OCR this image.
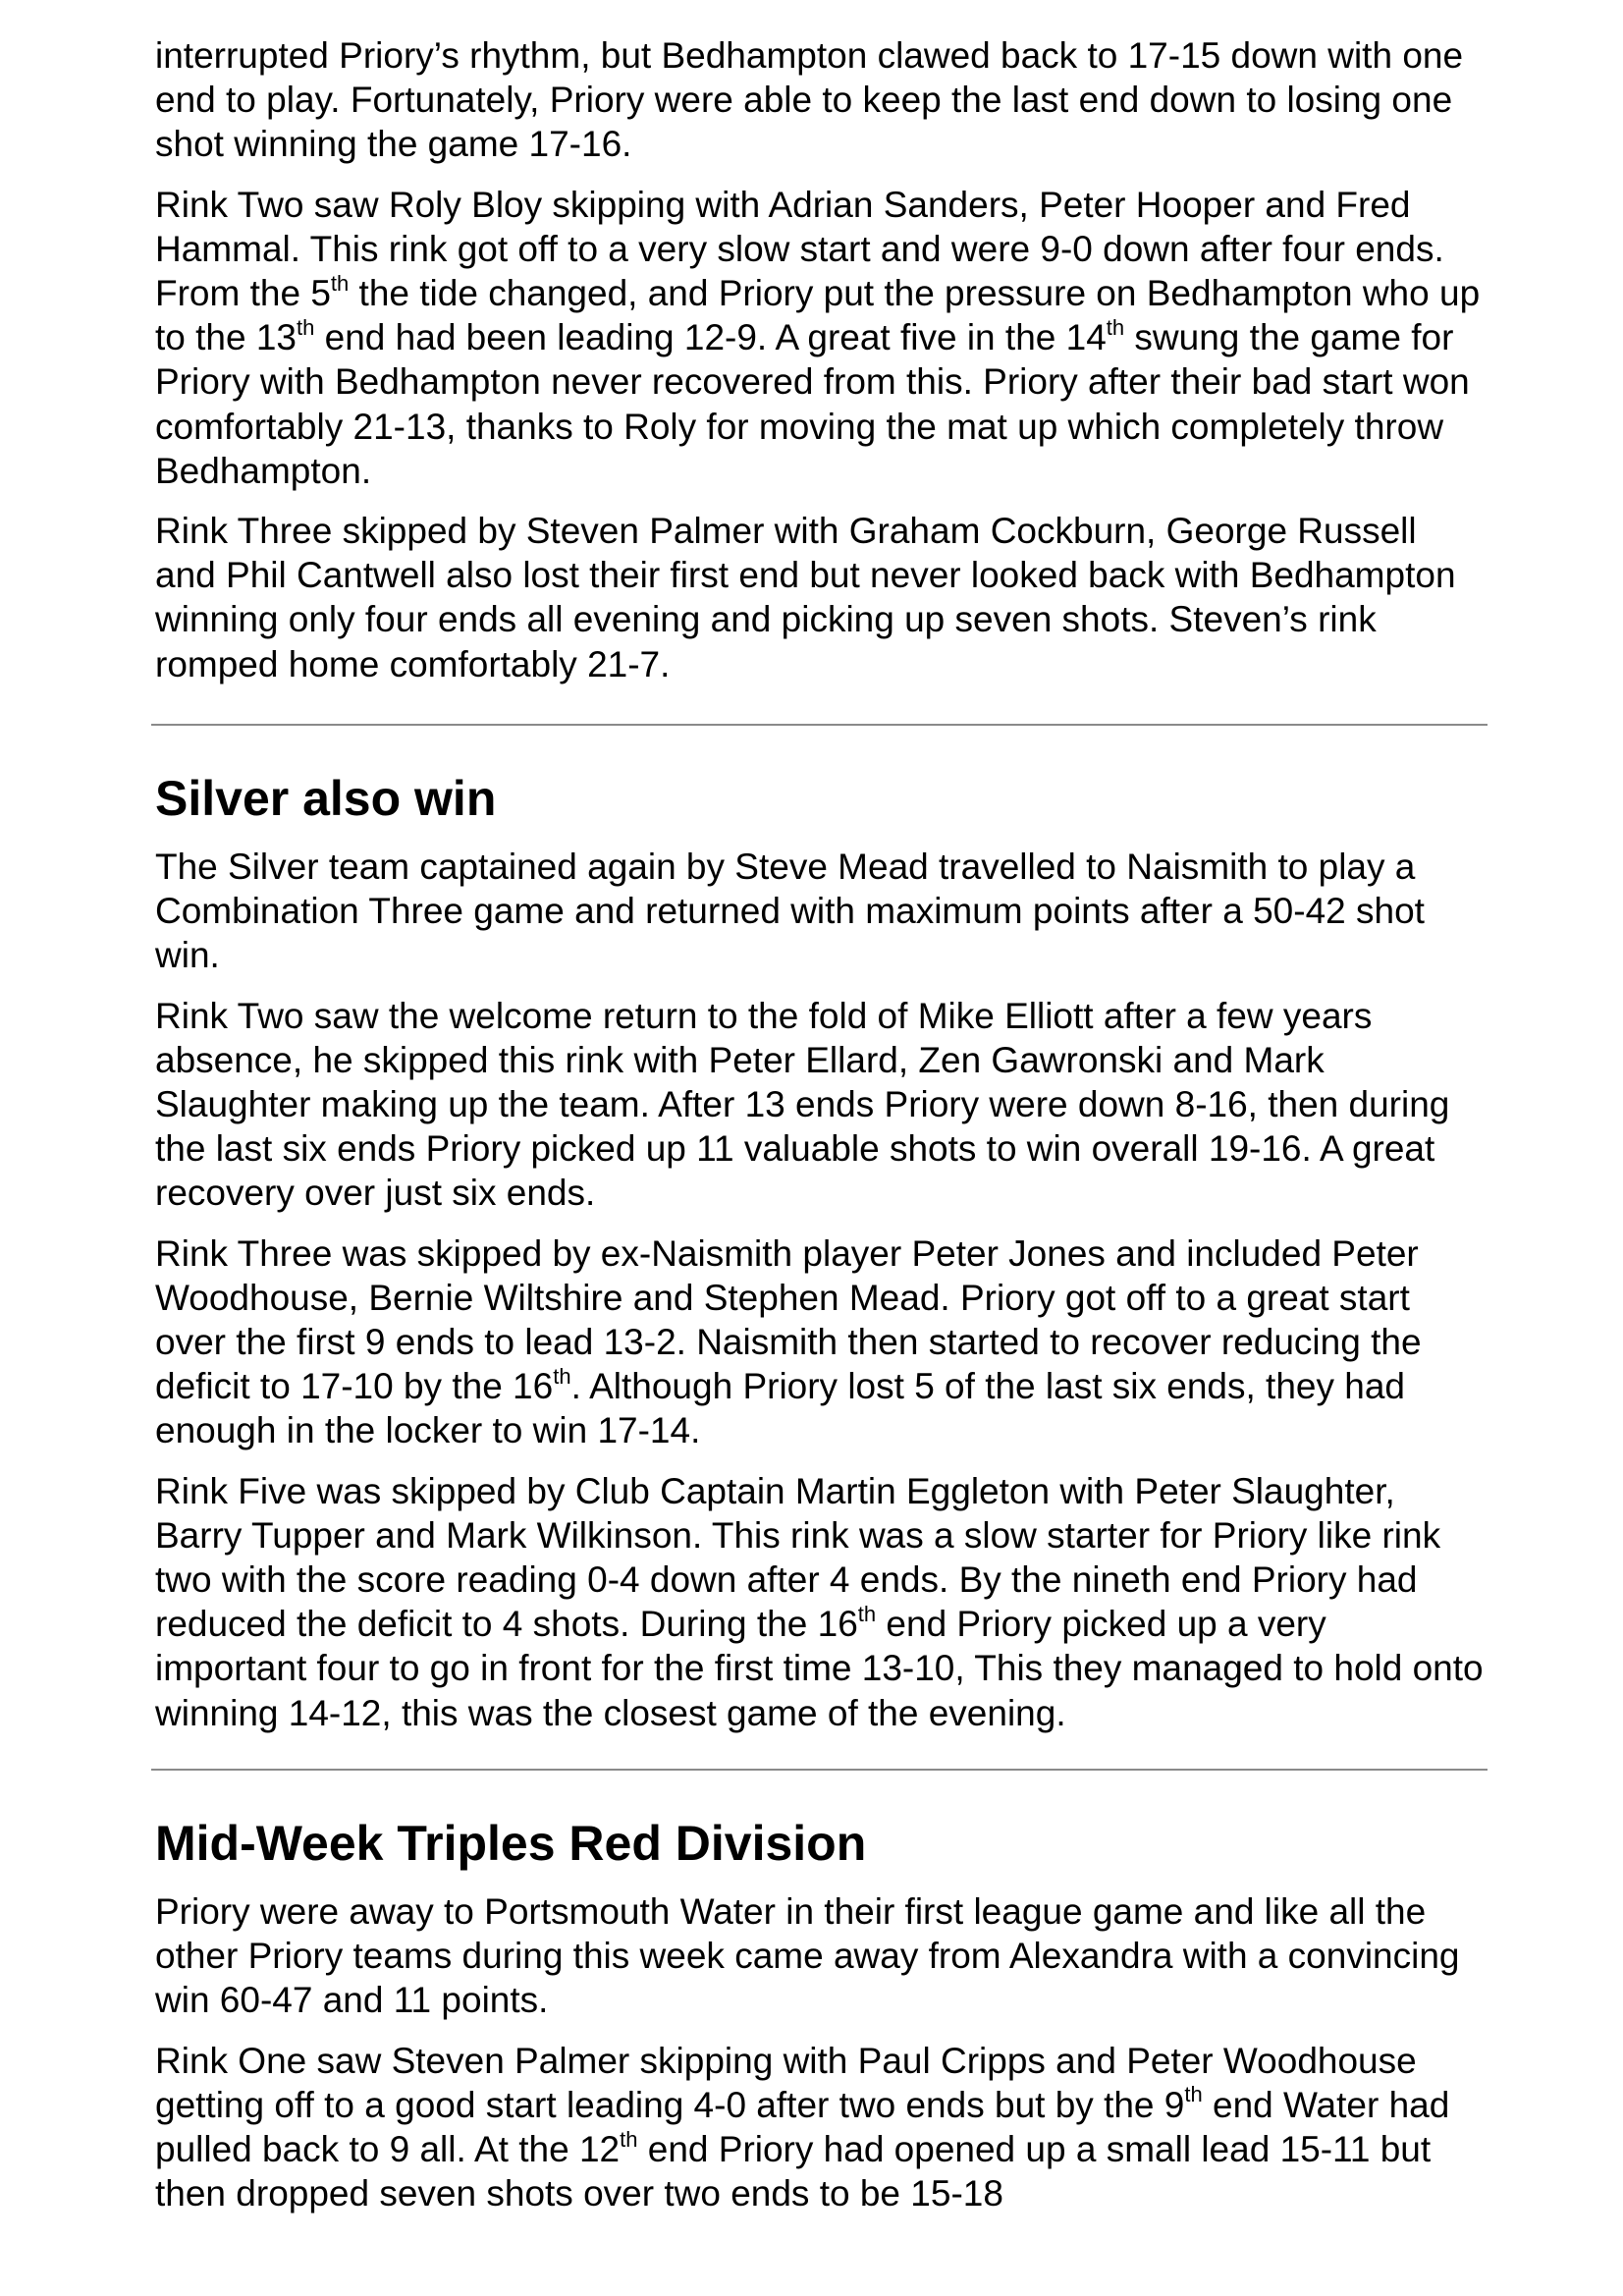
interrupted Priory’s rhythm, but Bedhampton clawed back to 17-15 down with one end to play. Fortunately, Priory were able to keep the last end down to losing one shot winning the game 17-16.

Rink Two saw Roly Bloy skipping with Adrian Sanders, Peter Hooper and Fred Hammal. This rink got off to a very slow start and were 9-0 down after four ends. From the 5th the tide changed, and Priory put the pressure on Bedhampton who up to the 13th end had been leading 12-9. A great five in the 14th swung the game for Priory with Bedhampton never recovered from this. Priory after their bad start won comfortably 21-13, thanks to Roly for moving the mat up which completely throw Bedhampton.

Rink Three skipped by Steven Palmer with Graham Cockburn, George Russell and Phil Cantwell also lost their first end but never looked back with Bedhampton winning only four ends all evening and picking up seven shots. Steven’s rink romped home comfortably 21-7.

Silver also win

The Silver team captained again by Steve Mead travelled to Naismith to play a Combination Three game and returned with maximum points after a 50-42 shot win.

Rink Two saw the welcome return to the fold of Mike Elliott after a few years absence, he skipped this rink with Peter Ellard, Zen Gawronski and Mark Slaughter making up the team. After 13 ends Priory were down 8-16, then during the last six ends Priory picked up 11 valuable shots to win overall 19-16. A great recovery over just six ends.

Rink Three was skipped by ex-Naismith player Peter Jones and included Peter Woodhouse, Bernie Wiltshire and Stephen Mead. Priory got off to a great start over the first 9 ends to lead 13-2. Naismith then started to recover reducing the deficit to 17-10 by the 16th. Although Priory lost 5 of the last six ends, they had enough in the locker to win 17-14.

Rink Five was skipped by Club Captain Martin Eggleton with Peter Slaughter, Barry Tupper and Mark Wilkinson. This rink was a slow starter for Priory like rink two with the score reading 0-4 down after 4 ends. By the nineth end Priory had reduced the deficit to 4 shots. During the 16th end Priory picked up a very important four to go in front for the first time 13-10, This they managed to hold onto winning 14-12, this was the closest game of the evening.

Mid-Week Triples Red Division

Priory were away to Portsmouth Water in their first league game and like all the other Priory teams during this week came away from Alexandra with a convincing win 60-47 and 11 points.

Rink One saw Steven Palmer skipping with Paul Cripps and Peter Woodhouse getting off to a good start leading 4-0 after two ends but by the 9th end Water had pulled back to 9 all. At the 12th end Priory had opened up a small lead 15-11 but then dropped seven shots over two ends to be 15-18
